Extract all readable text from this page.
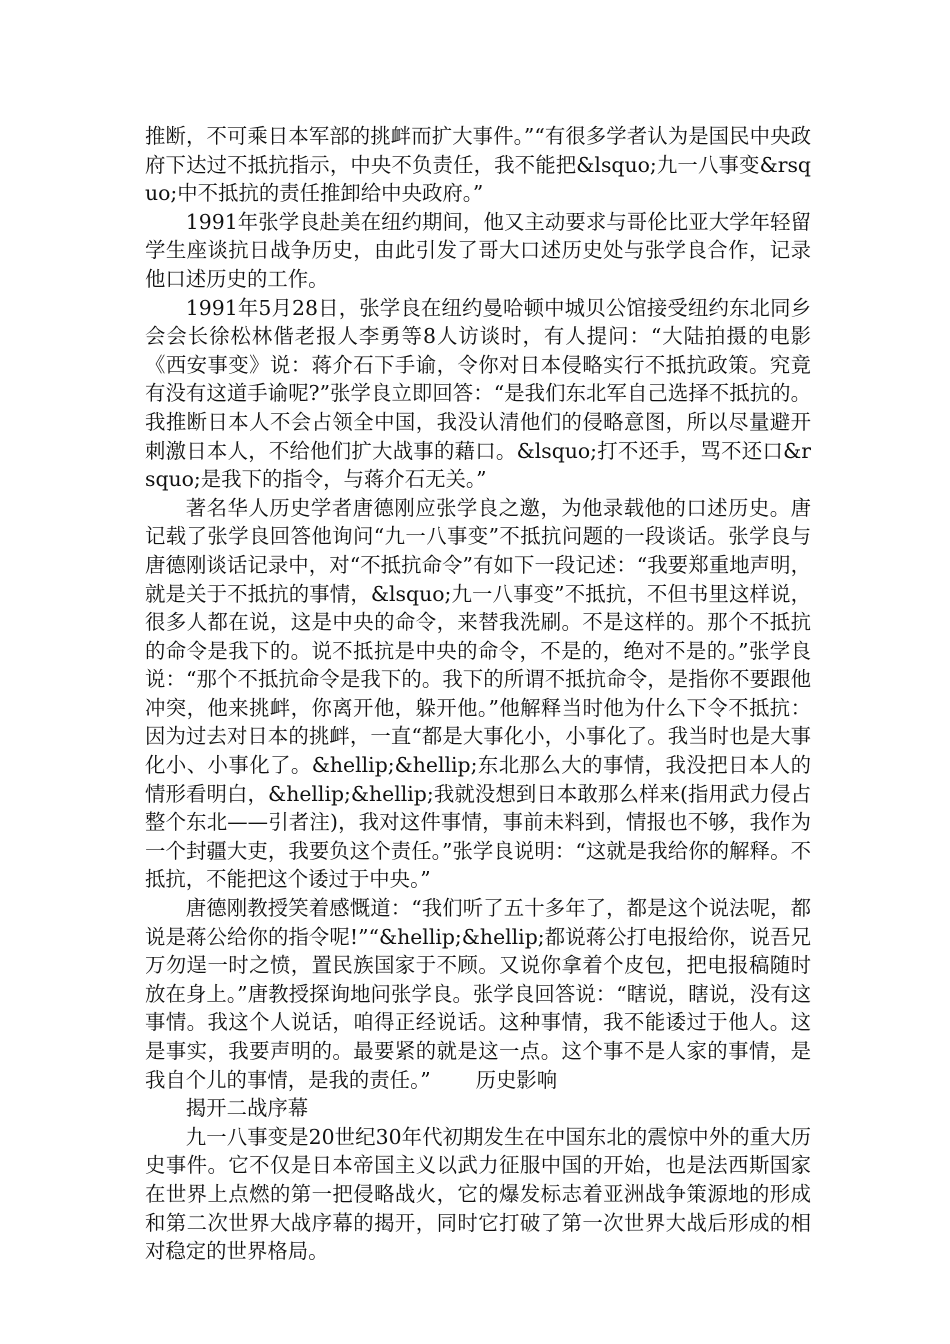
推断，不可乘日本军部的挑衅而扩大事件。”“有很多学者认为是国民中央政府下达过不抵抗指示，中央不负责任，我不能把&lsquo;九一八事变&rsquo;中不抵抗的责任推卸给中央政府。”

1991年张学良赴美在纽约期间，他又主动要求与哥伦比亚大学年轻留学生座谈抗日战争历史，由此引发了哥大口述历史处与张学良合作，记录他口述历史的工作。

1991年5月28日，张学良在纽约曼哈顿中城贝公馆接受纽约东北同乡会会长徐松林偕老报人李勇等8人访谈时，有人提问：“大陆拍摄的电影《西安事变》说：蒋介石下手谕，令你对日本侵略实行不抵抗政策。究竟有没有这道手谕呢?”张学良立即回答：“是我们东北军自己选择不抵抗的。我推断日本人不会占领全中国，我没认清他们的侵略意图，所以尽量避开刺激日本人，不给他们扩大战事的藉口。&lsquo;打不还手，骂不还口&rsquo;是我下的指令，与蒋介石无关。”

著名华人历史学者唐德刚应张学良之邀，为他录载他的口述历史。唐记载了张学良回答他询问“九一八事变”不抵抗问题的一段谈话。张学良与唐德刚谈话记录中，对“不抵抗命令”有如下一段记述：“我要郑重地声明，就是关于不抵抗的事情，&lsquo;九一八事变”不抵抗，不但书里这样说，很多人都在说，这是中央的命令，来替我洗刷。不是这样的。那个不抵抗的命令是我下的。说不抵抗是中央的命令，不是的，绝对不是的。”张学良说：“那个不抵抗命令是我下的。我下的所谓不抵抗命令，是指你不要跟他冲突，他来挑衅，你离开他，躲开他。”他解释当时他为什么下令不抵抗：因为过去对日本的挑衅，一直“都是大事化小，小事化了。我当时也是大事化小、小事化了。&hellip;&hellip;东北那么大的事情，我没把日本人的情形看明白，&hellip;&hellip;我就没想到日本敢那么样来(指用武力侵占整个东北——引者注)，我对这件事情，事前未料到，情报也不够，我作为一个封疆大吏，我要负这个责任。”张学良说明：“这就是我给你的解释。不抵抗，不能把这个诿过于中央。”

唐德刚教授笑着感慨道：“我们听了五十多年了，都是这个说法呢，都说是蒋公给你的指令呢!”“&hellip;&hellip;都说蒋公打电报给你，说吾兄万勿逞一时之愤，置民族国家于不顾。又说你拿着个皮包，把电报稿随时放在身上。”唐教授探询地问张学良。张学良回答说：“瞎说，瞎说，没有这事情。我这个人说话，咱得正经说话。这种事情，我不能诿过于他人。这是事实，我要声明的。最要紧的就是这一点。这个事不是人家的事情，是我自个儿的事情，是我的责任。” 历史影响

揭开二战序幕

九一八事变是20世纪30年代初期发生在中国东北的震惊中外的重大历史事件。它不仅是日本帝国主义以武力征服中国的开始，也是法西斯国家在世界上点燃的第一把侵略战火，它的爆发标志着亚洲战争策源地的形成和第二次世界大战序幕的揭开，同时它打破了第一次世界大战后形成的相对稳定的世界格局。
